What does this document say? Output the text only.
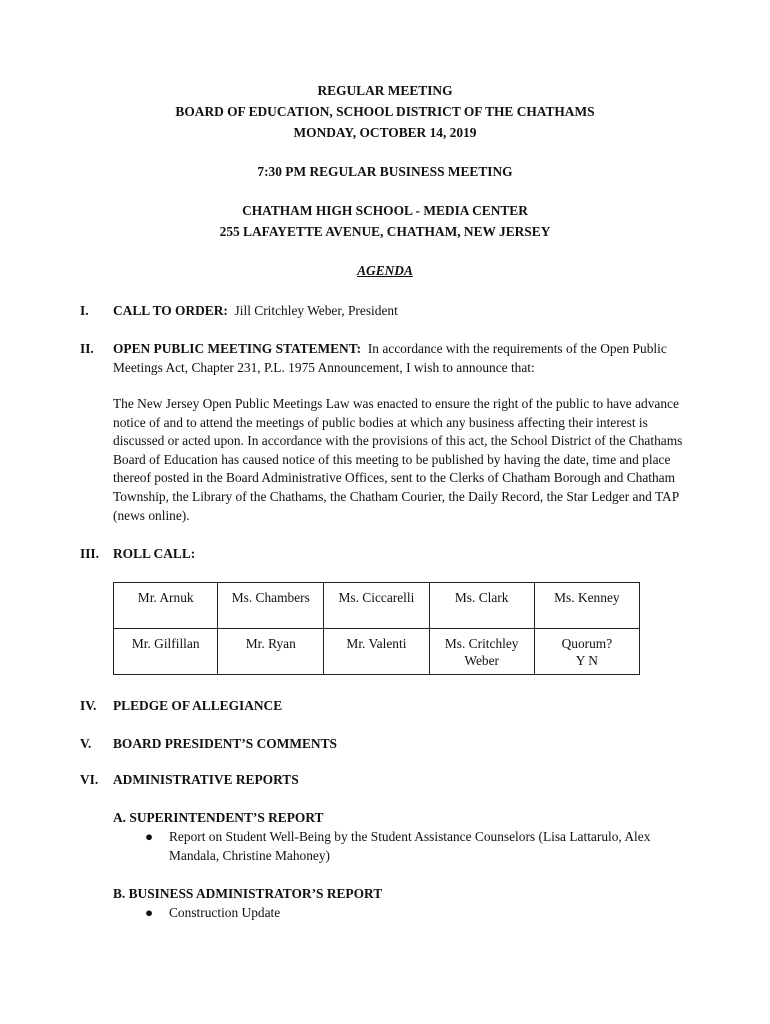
REGULAR MEETING
BOARD OF EDUCATION, SCHOOL DISTRICT OF THE CHATHAMS
MONDAY, OCTOBER 14, 2019
7:30 PM REGULAR BUSINESS MEETING
CHATHAM HIGH SCHOOL - MEDIA CENTER
255 LAFAYETTE AVENUE, CHATHAM, NEW JERSEY
AGENDA
I. CALL TO ORDER: Jill Critchley Weber, President
II. OPEN PUBLIC MEETING STATEMENT: In accordance with the requirements of the Open Public Meetings Act, Chapter 231, P.L. 1975 Announcement, I wish to announce that:
The New Jersey Open Public Meetings Law was enacted to ensure the right of the public to have advance notice of and to attend the meetings of public bodies at which any business affecting their interest is discussed or acted upon. In accordance with the provisions of this act, the School District of the Chathams Board of Education has caused notice of this meeting to be published by having the date, time and place thereof posted in the Board Administrative Offices, sent to the Clerks of Chatham Borough and Chatham Township, the Library of the Chathams, the Chatham Courier, the Daily Record, the Star Ledger and TAP (news online).
III. ROLL CALL:
Mr. Arnuk	Ms. Chambers	Ms. Ciccarelli	Ms. Clark	Ms. Kenney
Mr. Gilfillan	Mr. Ryan	Mr. Valenti	Ms. Critchley Weber	Quorum?
Y N
IV. PLEDGE OF ALLEGIANCE
V. BOARD PRESIDENT’S COMMENTS
VI. ADMINISTRATIVE REPORTS
A. SUPERINTENDENT’S REPORT
● Report on Student Well-Being by the Student Assistance Counselors (Lisa Lattarulo, Alex Mandala, Christine Mahoney)
B. BUSINESS ADMINISTRATOR’S REPORT
● Construction Update
